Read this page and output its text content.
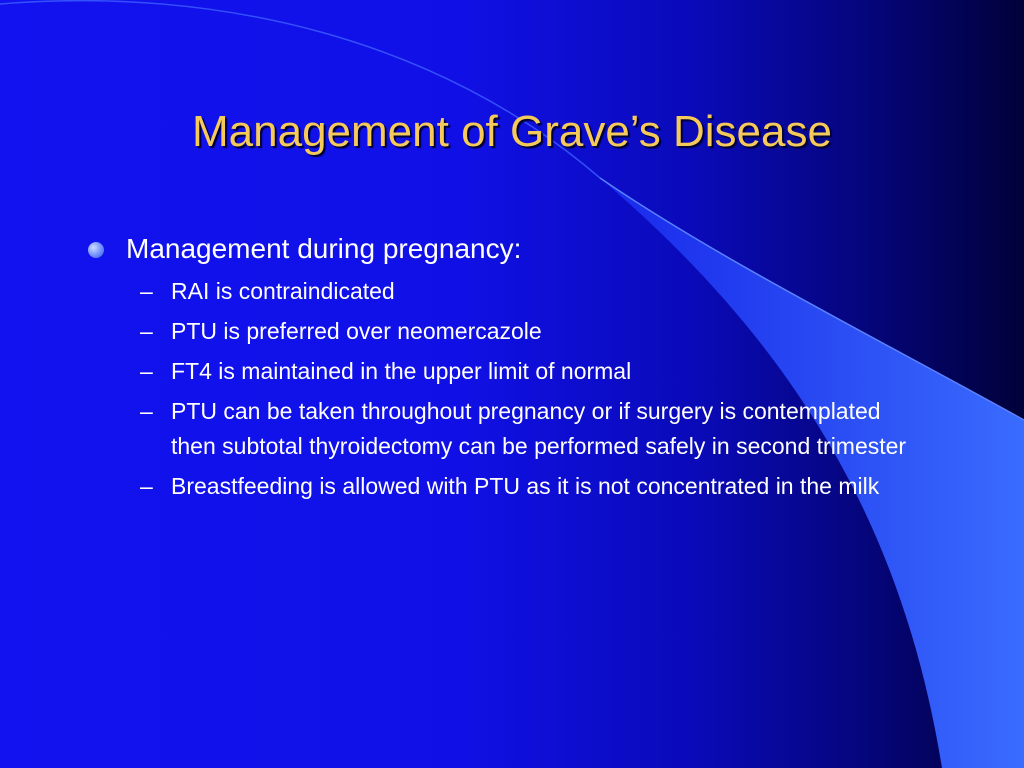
Management of Grave’s Disease
Management during pregnancy:
– RAI is contraindicated
– PTU is preferred over neomercazole
– FT4 is maintained in the upper limit of normal
– PTU can be taken throughout pregnancy or if surgery is contemplated then subtotal thyroidectomy can be performed safely in second trimester
– Breastfeeding is allowed with PTU as it is not concentrated in the milk
